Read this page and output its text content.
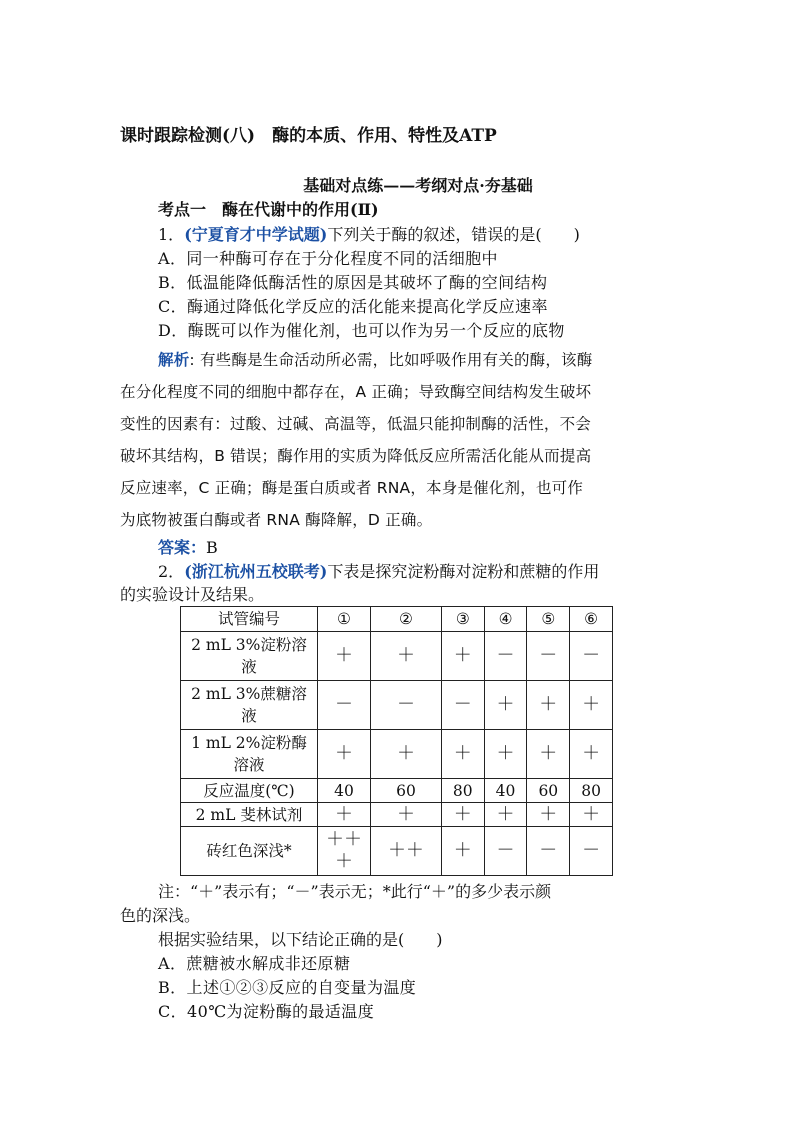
课时跟踪检测(八)　酶的本质、作用、特性及ATP
基础对点练——考纲对点·夯基础
考点一　酶在代谢中的作用(Ⅱ)
1．(宁夏育才中学试题)下列关于酶的叙述，错误的是(　　)
A．同一种酶可存在于分化程度不同的活细胞中
B．低温能降低酶活性的原因是其破坏了酶的空间结构
C．酶通过降低化学反应的活化能来提高化学反应速率
D．酶既可以作为催化剂，也可以作为另一个反应的底物
解析: 有些酶是生命活动所必需，比如呼吸作用有关的酶，该酶
在分化程度不同的细胞中都存在，A 正确；导致酶空间结构发生破坏
变性的因素有：过酸、过碱、高温等，低温只能抑制酶的活性，不会
破坏其结构，B 错误；酶作用的实质为降低反应所需活化能从而提高
反应速率，C 正确；酶是蛋白质或者 RNA，本身是催化剂，也可作
为底物被蛋白酶或者 RNA 酶降解，D 正确。
答案：B
2．(浙江杭州五校联考)下表是探究淀粉酶对淀粉和蔗糖的作用
的实验设计及结果。
试管编号	①	②	③	④	⑤	⑥
2 mL 3%淀粉溶
液	＋	＋	＋	－	－	－
2 mL 3%蔗糖溶
液	－	－	－	＋	＋	＋
1 mL 2%淀粉酶
溶液	＋	＋	＋	＋	＋	＋
反应温度(℃)	40	60	80	40	60	80
2 mL 斐林试剂	＋	＋	＋	＋	＋	＋
砖红色深浅*	＋＋＋	＋＋	＋	－	－	－
注：“＋”表示有；“－”表示无；*此行“＋”的多少表示颜
色的深浅。
根据实验结果，以下结论正确的是(　　)
A．蔗糖被水解成非还原糖
B．上述①②③反应的自变量为温度
C．40℃为淀粉酶的最适温度
